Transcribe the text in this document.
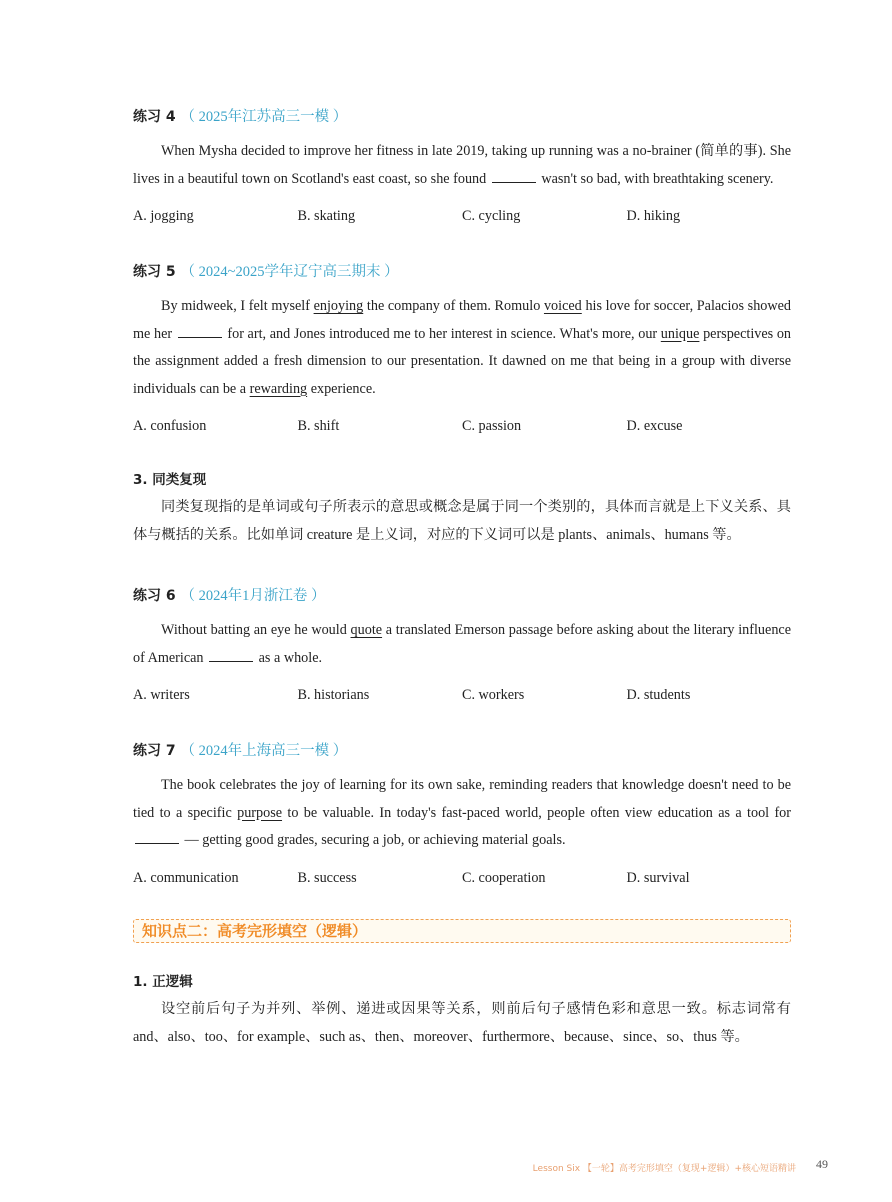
练习 4 （ 2025年江苏高三一模 ）

When Mysha decided to improve her fitness in late 2019, taking up running was a no-brainer (简单的事). She lives in a beautiful town on Scotland's east coast, so she found	wasn't so bad, with breathtaking scenery.

A. jogging	B. skating	C. cycling	D. hiking

练习 5 （ 2024~2025学年辽宁高三期末 ）

By midweek, I felt myself enjoying the company of them. Romulo voiced his love for soccer, Palacios showed me her	for art, and Jones introduced me to her interest in science. What's more, our unique perspectives on the assignment added a fresh dimension to our presentation. It dawned on me that being in a group with diverse individuals can be a rewarding experience.

A. confusion	B. shift	C. passion	D. excuse

3. 同类复现

同类复现指的是单词或句子所表示的意思或概念是属于同一个类别的，具体而言就是上下义关系、具体与概括的关系。比如单词 creature 是上义词，对应的下义词可以是 plants、animals、humans 等。

练习 6 （ 2024年1月浙江卷 ）

Without batting an eye he would quote a translated Emerson passage before asking about the literary influence of American	as a whole.

A. writers	B. historians	C. workers	D. students

练习 7 （ 2024年上海高三一模 ）

The book celebrates the joy of learning for its own sake, reminding readers that knowledge doesn't need to be tied to a specific purpose to be valuable. In today's fast-paced world, people often view education as a tool for  — getting good grades, securing a job, or achieving material goals.

A. communication	B. success	C. cooperation	D. survival
知识点二：高考完形填空（逻辑）

1. 正逻辑

设空前后句子为并列、举例、递进或因果等关系，则前后句子感情色彩和意思一致。标志词常有 and、also、too、for example、such as、then、moreover、furthermore、because、since、so、thus 等。

Lesson Six 【一轮】高考完形填空（复现+逻辑）+核心短语精讲 49
